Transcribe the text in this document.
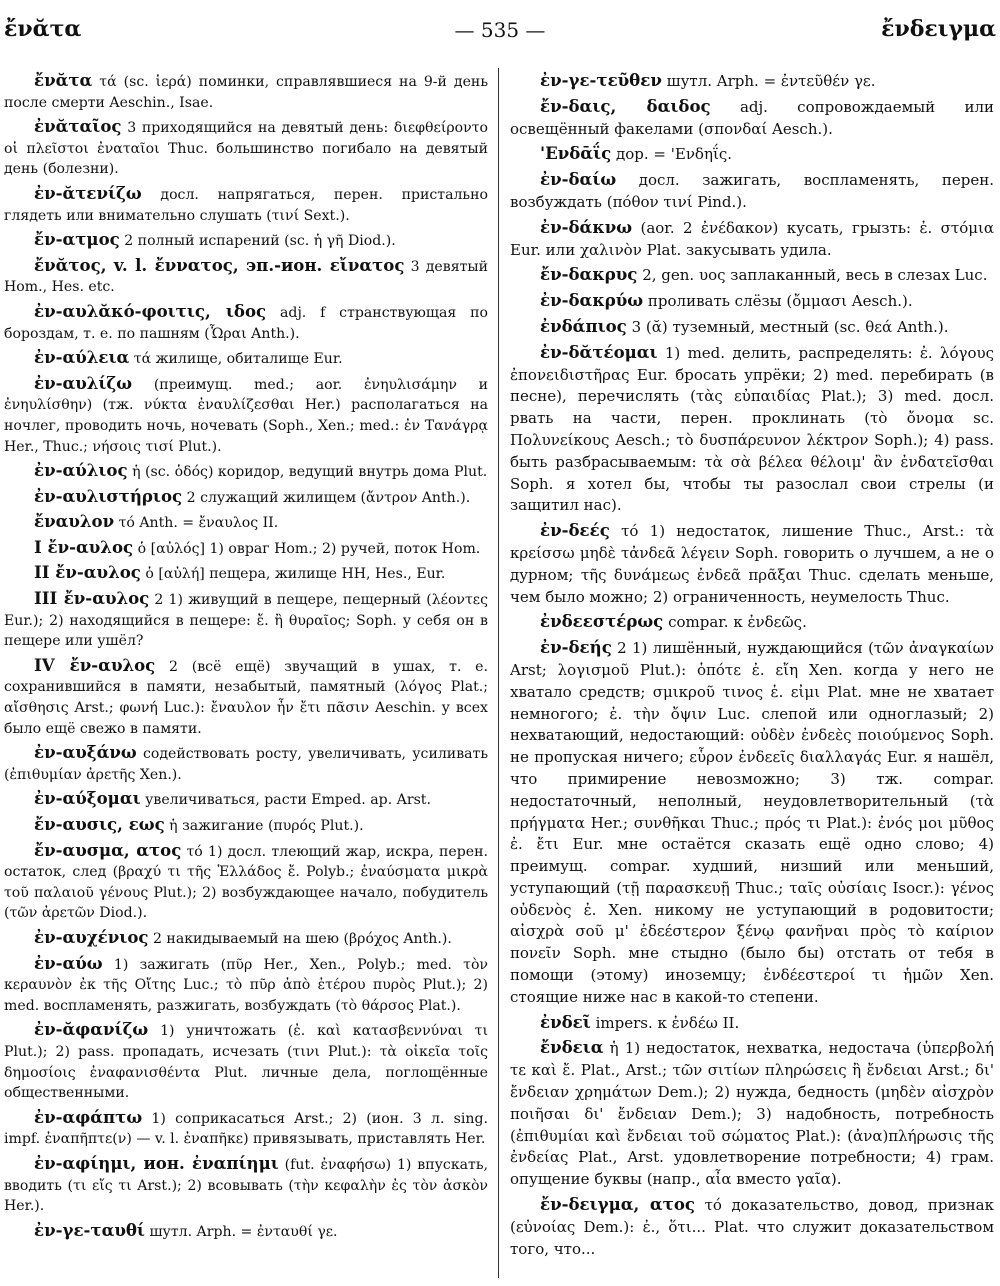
ἔνᾰτα	— 535 —	ἔνδειγμα

ἔνᾰτα τά (sc. ἱερά) поминки, справлявшиеся на 9-й день после смерти Aeschin., Isae.

ἐνᾰταῖος 3 приходящийся на девятый день: διεφθείροντο οἱ πλεῖστοι ἐναταῖοι Thuc. большинство погибало на девятый день (болезни).

ἐν-ᾰτενίζω досл. напрягаться, перен. пристально глядеть или внимательно слушать (τινί Sext.).

ἔν-ατμος 2 полный испарений (sc. ἡ γῆ Diod.).

ἔνᾰτος, v. l. ἔννατος, эп.-ион. εἴνατος 3 девятый Hom., Hes. etc.

ἐν-αυλᾰκό-φοιτις, ιδος adj. f странствующая по бороздам, т. е. по пашням (Ὧραι Anth.).

ἐν-αύλεια τά жилище, обиталище Eur.

ἐν-αυλίζω (преимущ. med.; aor. ἐνηυλισάμην и ἐνηυλίσθην) (тж. νύκτα ἐναυλίζεσθαι Her.) располагаться на ночлег, проводить ночь, ночевать (Soph., Xen.; med.: ἐν Τανάγρᾳ Her., Thuc.; νήσοις τισί Plut.).

ἐν-αύλιος ἡ (sc. ὁδός) коридор, ведущий внутрь дома Plut.

ἐν-αυλιστήριος 2 служащий жилищем (ἄντρον Anth.).

ἔναυλον τό Anth. = ἔναυλος II.

I ἔν-αυλος ὁ [αὐλός] 1) овраг Hom.; 2) ручей, поток Hom.

II ἔν-αυλος ὁ [αὐλή] пещера, жилище HH, Hes., Eur.

III ἔν-αυλος 2 1) живущий в пещере, пещерный (λέοντες Eur.); 2) находящийся в пещере: ἔ. ἢ θυραῖος; Soph. у себя он в пещере или ушёл?

IV ἔν-αυλος 2 (всё ещё) звучащий в ушах, т. е. сохранившийся в памяти, незабытый, памятный (λόγος Plat.; αἴσθησις Arst.; φωνή Luc.): ἔναυλον ἦν ἔτι πᾶσιν Aeschin. у всех было ещё свежо в памяти.

ἐν-αυξάνω содействовать росту, увеличивать, усиливать (ἐπιθυμίαν ἀρετῆς Xen.).

ἐν-αύξομαι увеличиваться, расти Emped. ap. Arst.

ἔν-αυσις, εως ἡ зажигание (πυρός Plut.).

ἔν-αυσμα, ατος τό 1) досл. тлеющий жар, искра, перен. остаток, след (βραχύ τι τῆς Ἑλλάδος ἔ. Polyb.; ἐναύσματα μικρὰ τοῦ παλαιοῦ γένους Plut.); 2) возбуждающее начало, побудитель (τῶν ἀρετῶν Diod.).

ἐν-αυχένιος 2 накидываемый на шею (βρόχος Anth.).

ἐν-αύω 1) зажигать (πῦρ Her., Xen., Polyb.; med. τὸν κεραυνὸν ἐκ τῆς Οἴτης Luc.; τὸ πῦρ ἀπὸ ἑτέρου πυρὸς Plut.); 2) med. воспламенять, разжигать, возбуждать (τὸ θάρσος Plat.).

ἐν-ᾰφανίζω 1) уничтожать (ἐ. καὶ κατασβεννύναι τι Plut.); 2) pass. пропадать, исчезать (τινι Plut.): τὰ οἰκεῖα τοῖς δημοσίοις ἐναφανισθέντα Plut. личные дела, поглощённые общественными.

ἐν-αφάπτω 1) соприкасаться Arst.; 2) (ион. 3 л. sing. impf. ἐναπῆπτε(ν) — v. l. ἐναπῆκε) привязывать, приставлять Her.

ἐν-αφίημι, ион. ἐναπίημι (fut. ἐναφήσω) 1) впускать, вводить (τι εἴς τι Arst.); 2) всовывать (τὴν κεφαλὴν ἐς τὸν ἀσκὸν Her.).

ἐν-γε-ταυθί шутл. Arph. = ἐνταυθί γε.

ἐν-γε-τεῦθεν шутл. Arph. = ἐντεῦθέν γε.

ἔν-δαις, δαιδος adj. сопровождаемый или освещённый факелами (σπονδαί Aesch.).

'Ενδᾱΐς дор. = 'Ενδηΐς.

ἐν-δαίω досл. зажигать, воспламенять, перен. возбуждать (πόθον τινί Pind.).

ἐν-δάκνω (aor. 2 ἐνέδακον) кусать, грызть: ἐ. στόμια Eur. или χαλινὸν Plat. закусывать удила.

ἔν-δακρυς 2, gen. υος заплаканный, весь в слезах Luc.

ἐν-δακρύω проливать слёзы (ὄμμασι Aesch.).

ἐνδάπιος 3 (ᾰ) туземный, местный (sc. θεά Anth.).

ἐν-δᾰτέομαι 1) med. делить, распределять: ἐ. λόγους ἐπονειδιστῆρας Eur. бросать упрёки; 2) med. перебирать (в песне), перечислять (τὰς εὐπαιδίας Plat.); 3) med. досл. рвать на части, перен. проклинать (τὸ ὄνομα sc. Πολυνείκους Aesch.; τὸ δυσπάρευνον λέκτρον Soph.); 4) pass. быть разбрасываемым: τὰ σὰ βέλεα θέλοιμ' ἂν ἐνδατεῖσθαι Soph. я хотел бы, чтобы ты разослал свои стрелы (и защитил нас).

ἐν-δεές τό 1) недостаток, лишение Thuc., Arst.: τὰ κρείσσω μηδὲ τἀνδεᾶ λέγειν Soph. говорить о лучшем, а не о дурном; τῆς δυνάμεως ἐνδεᾶ πρᾶξαι Thuc. сделать меньше, чем было можно; 2) ограниченность, неумелость Thuc.

ἐνδεεστέρως compar. к ἐνδεῶς.

ἐν-δεής 2 1) лишённый, нуждающийся (τῶν ἀναγκαίων Arst; λογισμοῦ Plut.): ὁπότε ἐ. εἴη Xen. когда у него не хватало средств; σμικροῦ τινος ἐ. εἰμι Plat. мне не хватает немногого; ἐ. τὴν ὄψιν Luc. слепой или одноглазый; 2) нехватающий, недостающий: οὐδὲν ἐνδεὲς ποιούμενος Soph. не пропуская ничего; εὗρον ἐνδεεῖς διαλλαγάς Eur. я нашёл, что примирение невозможно; 3) тж. compar. недостаточный, неполный, неудовлетворительный (τὰ πρήγματα Her.; συνθῆκαι Thuc.; πρός τι Plat.): ἐνός μοι μῦθος ἐ. ἔτι Eur. мне остаётся сказать ещё одно слово; 4) преимущ. compar. худший, низший или меньший, уступающий (τῇ παρασκευῇ Thuc.; ταῖς οὐσίαις Isocr.): γένος οὐδενὸς ἐ. Xen. никому не уступающий в родовитости; αἰσχρὰ σοῦ μ' ἐδεέστερον ξένῳ φανῆναι πρὸς τὸ καίριον πονεῖν Soph. мне стыдно (было бы) отстать от тебя в помощи (этому) иноземцу; ἐνδέεστεροί τι ἡμῶν Xen. стоящие ниже нас в какой-то степени.

ἐνδεῖ impers. к ἐνδέω II.

ἔνδεια ἡ 1) недостаток, нехватка, недостача (ὑπερβολή τε καὶ ἔ. Plat., Arst.; τῶν σιτίων πληρώσεις ἢ ἔνδειαι Arst.; δι' ἔνδειαν χρημάτων Dem.); 2) нужда, бедность (μηδὲν αἰσχρὸν ποιῆσαι δι' ἔνδειαν Dem.); 3) надобность, потребность (ἐπιθυμίαι καὶ ἔνδειαι τοῦ σώματος Plat.): (ἀνα)πλήρωσις τῆς ἐνδείας Plat., Arst. удовлетворение потребности; 4) грам. опущение буквы (напр., αἶα вместо γαῖα).

ἔν-δειγμα, ατος τό доказательство, довод, признак (εὐνοίας Dem.): ἐ., ὅτι... Plat. что служит доказательством того, что...
